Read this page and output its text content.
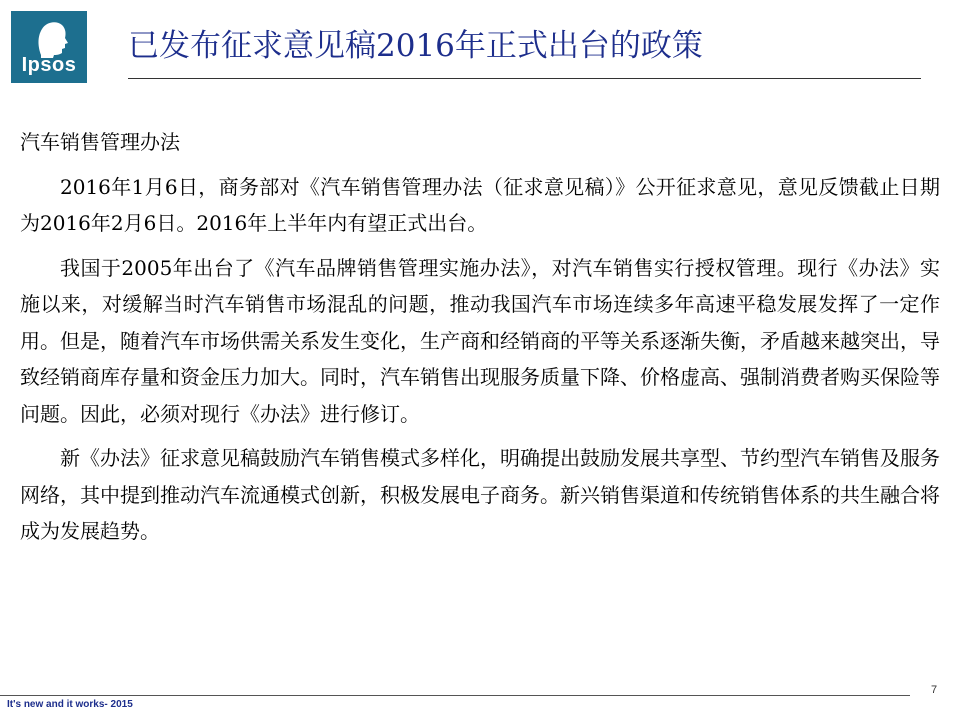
Ipsos
已发布征求意见稿2016年正式出台的政策
汽车销售管理办法

2016年1月6日，商务部对《汽车销售管理办法（征求意见稿）》公开征求意见，意见反馈截止日期为2016年2月6日。2016年上半年内有望正式出台。

我国于2005年出台了《汽车品牌销售管理实施办法》，对汽车销售实行授权管理。现行《办法》实施以来，对缓解当时汽车销售市场混乱的问题，推动我国汽车市场连续多年高速平稳发展发挥了一定作用。但是，随着汽车市场供需关系发生变化，生产商和经销商的平等关系逐渐失衡，矛盾越来越突出，导致经销商库存量和资金压力加大。同时，汽车销售出现服务质量下降、价格虚高、强制消费者购买保险等问题。因此，必须对现行《办法》进行修订。

新《办法》征求意见稿鼓励汽车销售模式多样化，明确提出鼓励发展共享型、节约型汽车销售及服务网络，其中提到推动汽车流通模式创新，积极发展电子商务。新兴销售渠道和传统销售体系的共生融合将成为发展趋势。

It's new and it works- 2015
7
